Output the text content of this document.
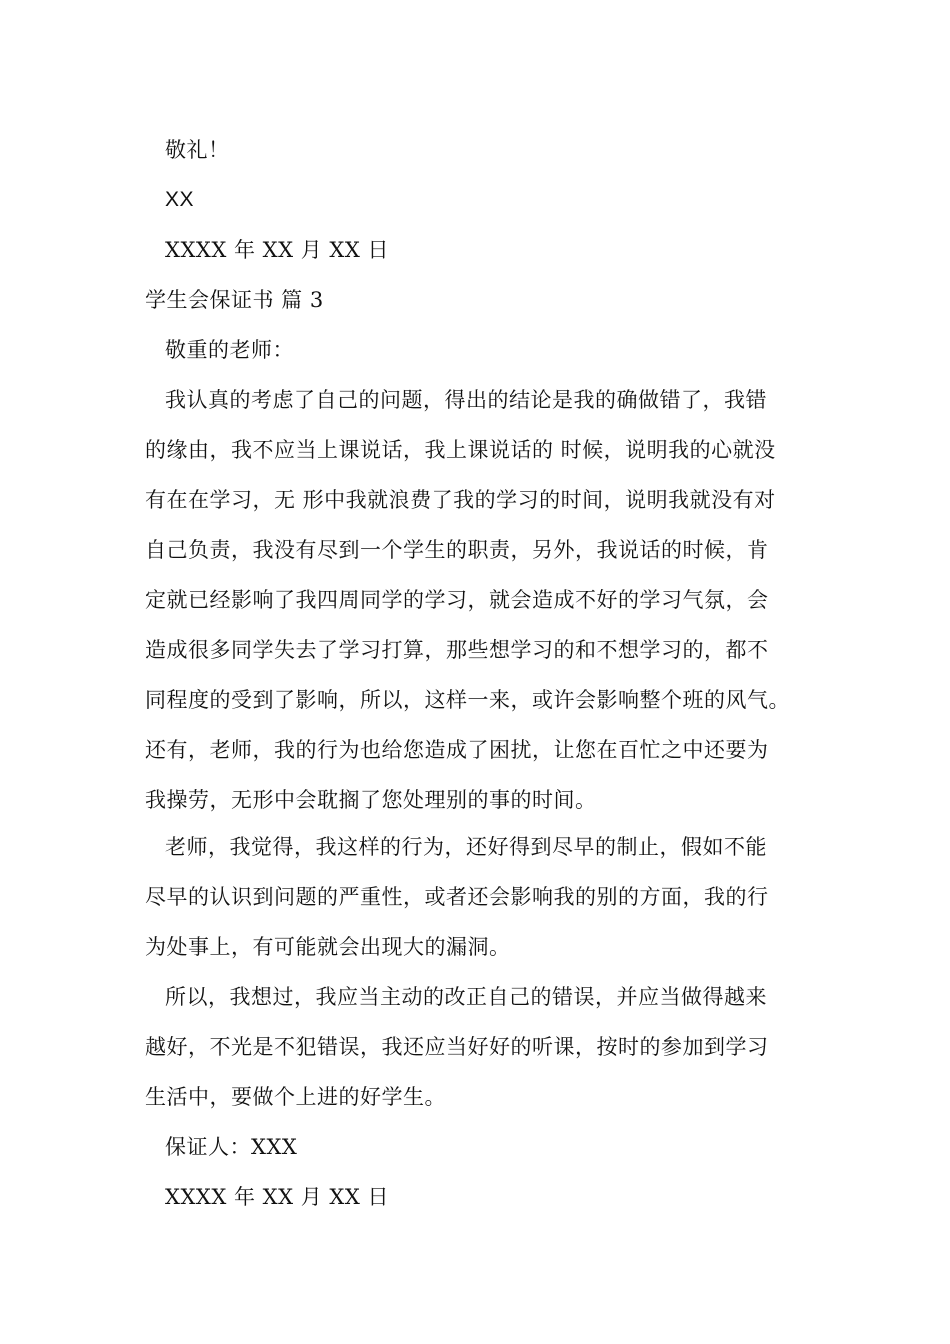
敬礼！
XX
XXXX 年 XX 月 XX 日
学生会保证书 篇 3
敬重的老师：
我认真的考虑了自己的问题，得出的结论是我的确做错了，我错
的缘由，我不应当上课说话，我上课说话的 时候，说明我的心就没
有在在学习，无 形中我就浪费了我的学习的时间，说明我就没有对
自己负责，我没有尽到一个学生的职责，另外，我说话的时候，肯
定就已经影响了我四周同学的学习，就会造成不好的学习气氛，会
造成很多同学失去了学习打算，那些想学习的和不想学习的，都不
同程度的受到了影响，所以，这样一来，或许会影响整个班的风气。
还有，老师，我的行为也给您造成了困扰，让您在百忙之中还要为
我操劳，无形中会耽搁了您处理别的事的时间。
老师，我觉得，我这样的行为，还好得到尽早的制止，假如不能
尽早的认识到问题的严重性，或者还会影响我的别的方面，我的行
为处事上，有可能就会出现大的漏洞。
所以，我想过，我应当主动的改正自己的错误，并应当做得越来
越好，不光是不犯错误，我还应当好好的听课，按时的参加到学习
生活中，要做个上进的好学生。
保证人：XXX
XXXX 年 XX 月 XX 日
